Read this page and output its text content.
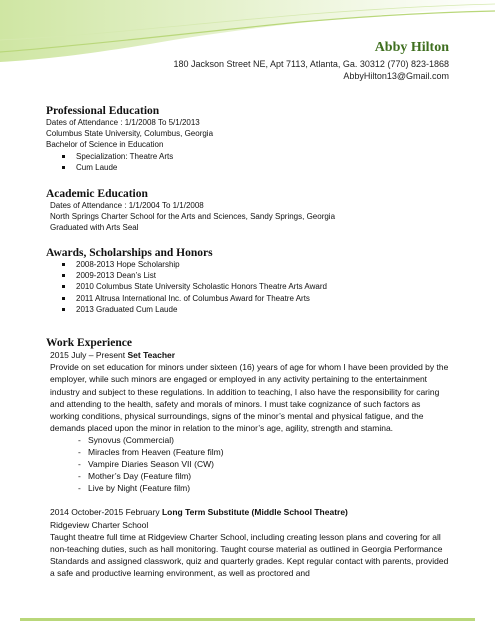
Abby Hilton
180 Jackson Street NE, Apt 7113, Atlanta, Ga. 30312 (770) 823-1868
AbbyHilton13@Gmail.com
Professional Education

Dates of Attendance : 1/1/2008 To 5/1/2013

Columbus State University, Columbus, Georgia

Bachelor of Science in Education

Specialization: Theatre Arts
Cum Laude
Academic Education

Dates of Attendance : 1/1/2004 To 1/1/2008

North Springs Charter School for the Arts and Sciences, Sandy Springs, Georgia

Graduated with Arts Seal

Awards, Scholarships and Honors
2008-2013 Hope Scholarship
2009-2013 Dean’s List
2010 Columbus State University Scholastic Honors Theatre Arts Award
2011 Altrusa International Inc. of Columbus Award for Theatre Arts
2013 Graduated Cum Laude
Work Experience

2015 July – Present Set Teacher

Provide on set education for minors under sixteen (16) years of age for whom I have been provided by the employer, while such minors are engaged or employed in any activity pertaining to the entertainment industry and subject to these regulations. In addition to teaching, I also have the responsibility for caring and attending to the health, safety and morals of minors. I must take cognizance of such factors as working conditions, physical surroundings, signs of the minor’s mental and physical fatigue, and the demands placed upon the minor in relation to the minor’s age, agility, strength and stamina.

- Synovus (Commercial)
- Miracles from Heaven (Feature film)
- Vampire Diaries Season VII (CW)
- Mother’s Day (Feature film)
- Live by Night (Feature film)

2014 October-2015 February Long Term Substitute (Middle School Theatre)

Ridgeview Charter School

Taught theatre full time at Ridgeview Charter School, including creating lesson plans and covering for all non-teaching duties, such as hall monitoring. Taught course material as outlined in Georgia Performance Standards and assigned classwork, quiz and quarterly grades. Kept regular contact with parents, provided a safe and productive learning environment, as well as proctored and
